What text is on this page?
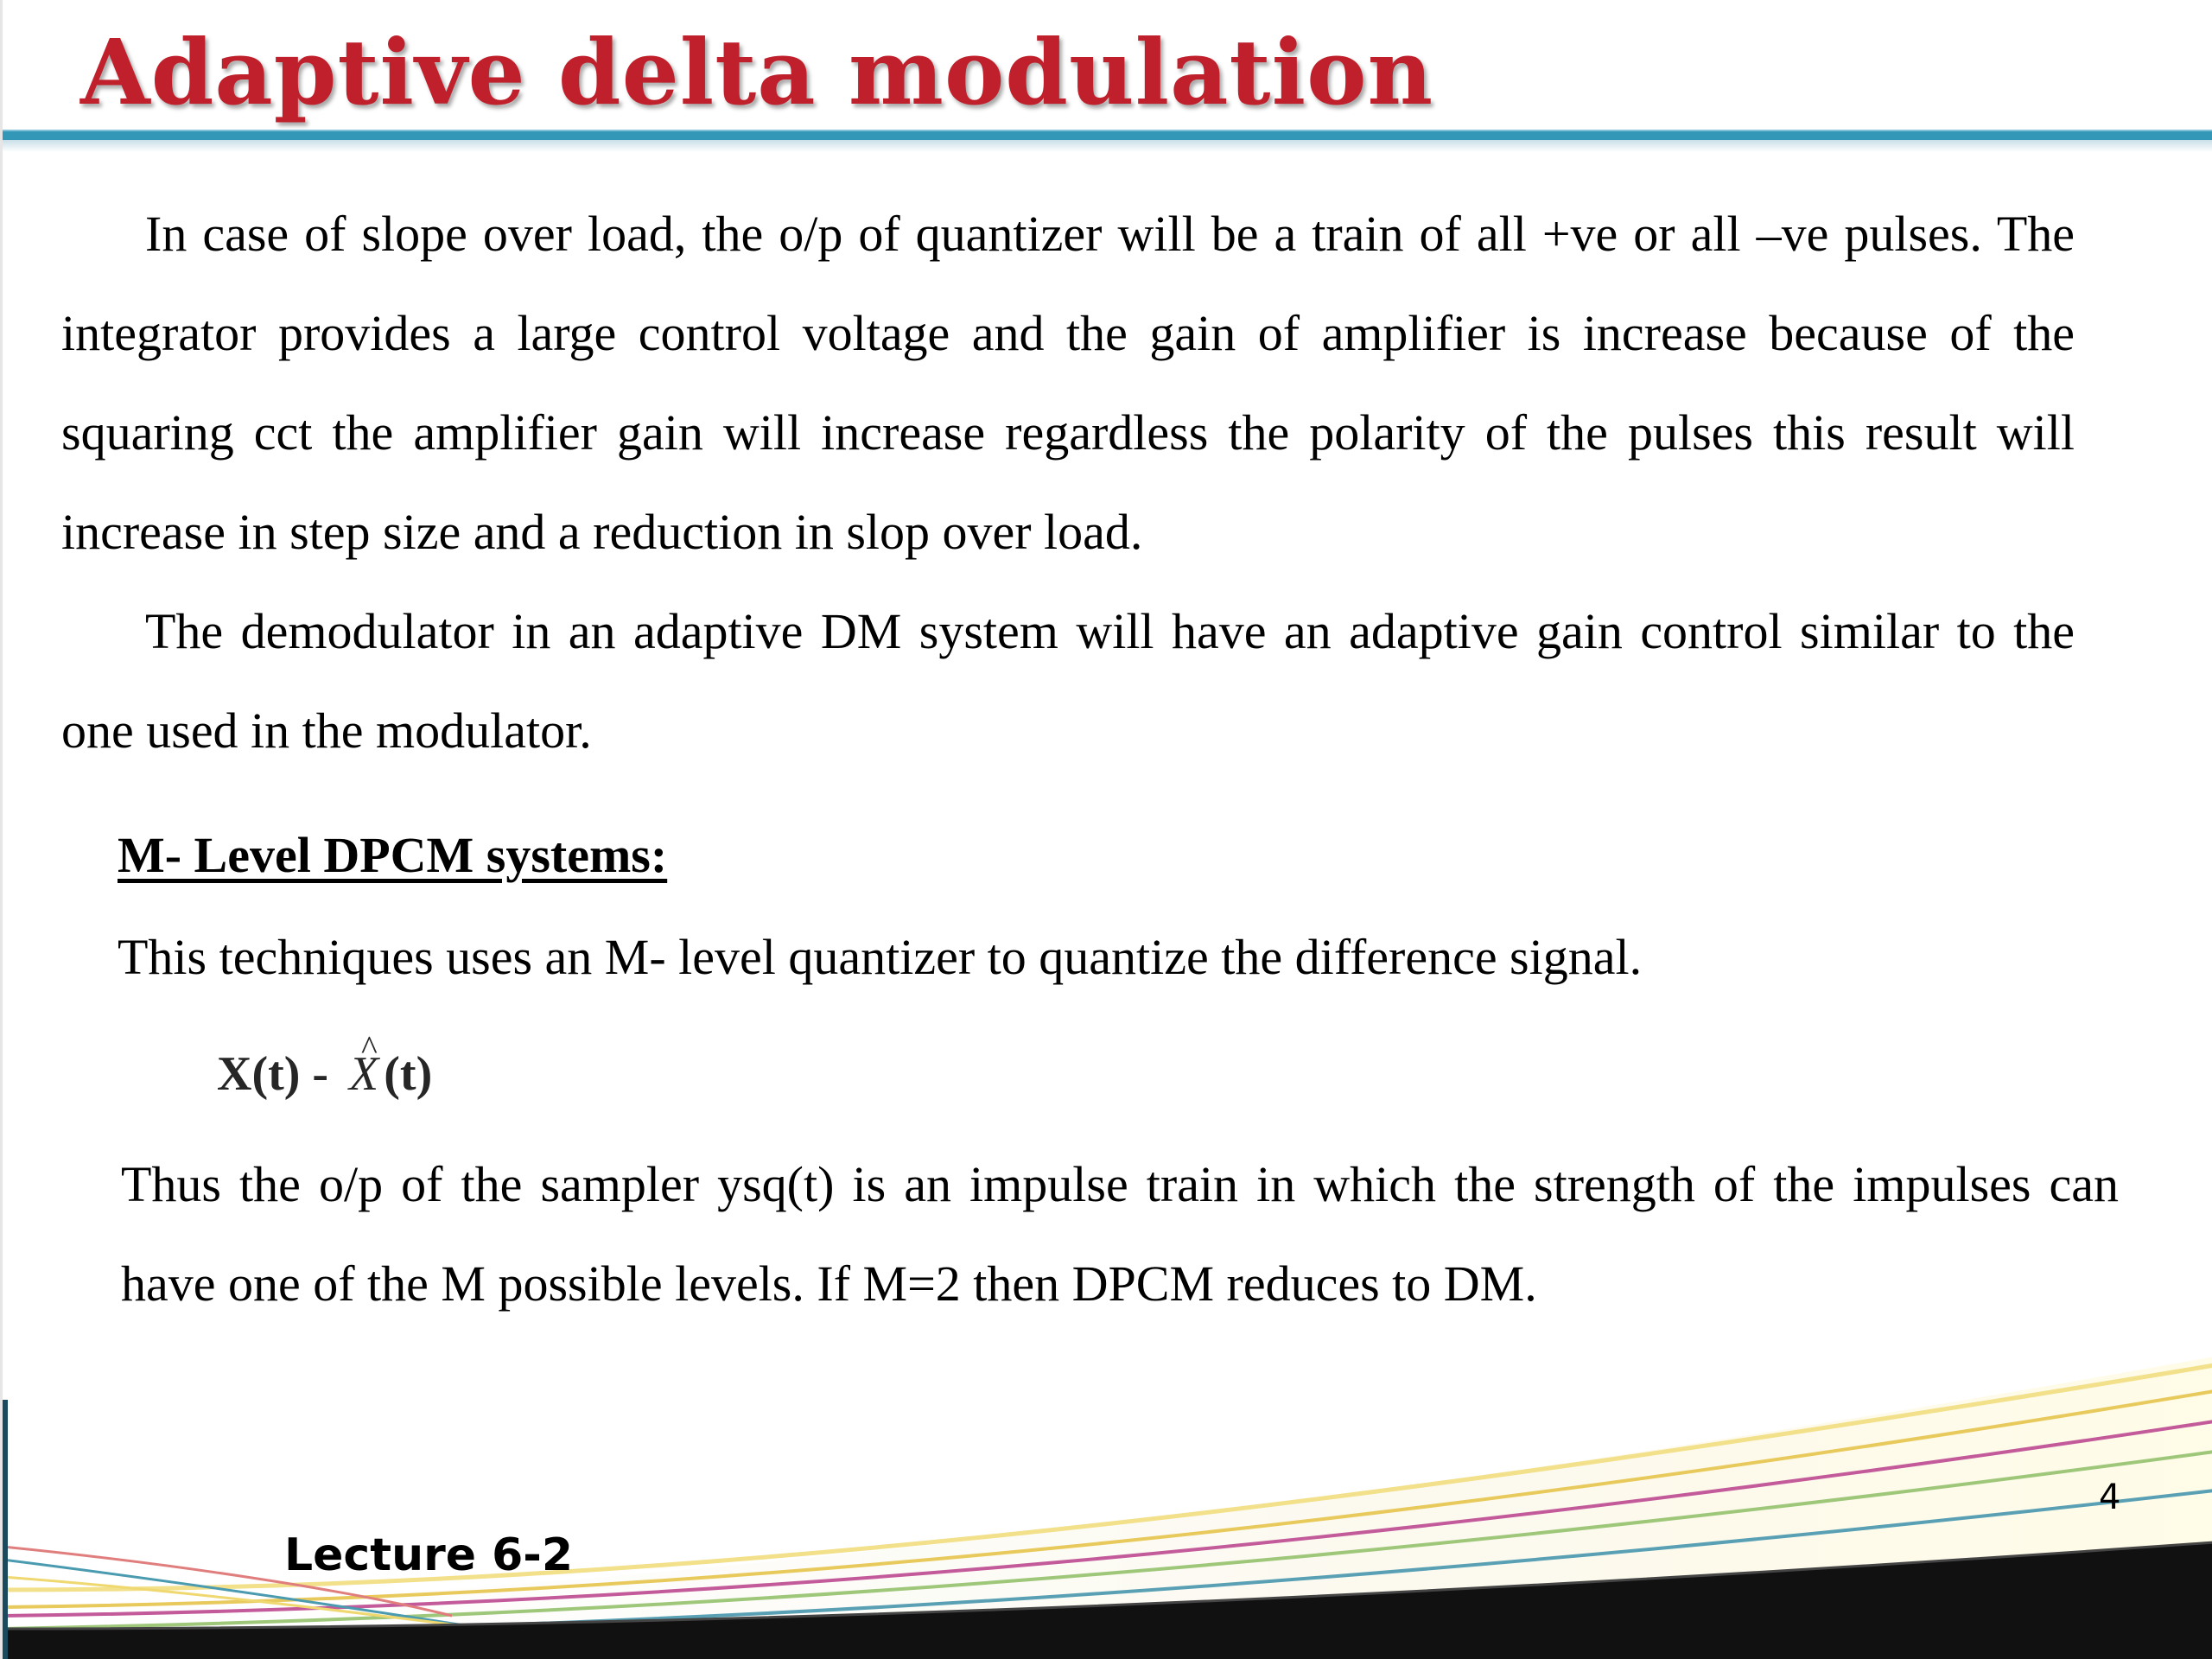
Adaptive delta modulation

In case of slope over load, the o/p of quantizer will be a train of all +ve or all –ve pulses. The integrator provides a large control voltage and the gain of amplifier is increase because of the squaring cct the amplifier gain will increase regardless the polarity of the pulses this result will increase in step size and a reduction in slop over load.

The demodulator in an adaptive DM system will have an adaptive gain control similar to the one used in the modulator.

M- Level DPCM systems:
This techniques uses an M- level quantizer to quantize the difference signal.
X(t) -^ X (t)

Thus the o/p of the sampler ysq(t) is an impulse train in which the strength of the impulses can have one of the M possible levels. If M=2 then DPCM reduces to DM.

Lecture 6-2
4
